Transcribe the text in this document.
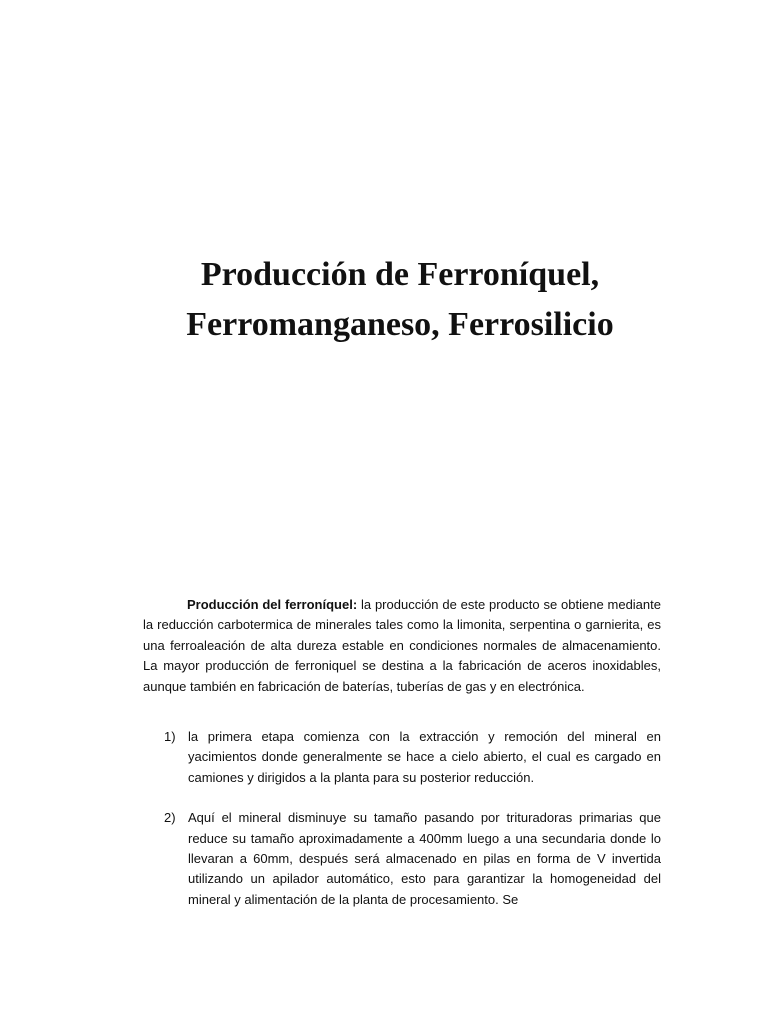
Producción de Ferroníquel,
Ferromanganeso, Ferrosilicio

Producción del ferroníquel: la producción de este producto se obtiene mediante la reducción carbotermica de minerales tales como la limonita, serpentina o garnierita, es una ferroaleación de alta dureza estable en condiciones normales de almacenamiento. La mayor producción de ferroniquel se destina a la fabricación de aceros inoxidables, aunque también en fabricación de baterías, tuberías de gas y en electrónica.

1) la primera etapa comienza con la extracción y remoción del mineral en yacimientos donde generalmente se hace a cielo abierto, el cual es cargado en camiones y dirigidos a la planta para su posterior reducción.
2) Aquí el mineral disminuye su tamaño pasando por trituradoras primarias que reduce su tamaño aproximadamente a 400mm luego a una secundaria donde lo llevaran a 60mm, después será almacenado en pilas en forma de V invertida utilizando un apilador automático, esto para garantizar la homogeneidad del mineral y alimentación de la planta de procesamiento. Se
